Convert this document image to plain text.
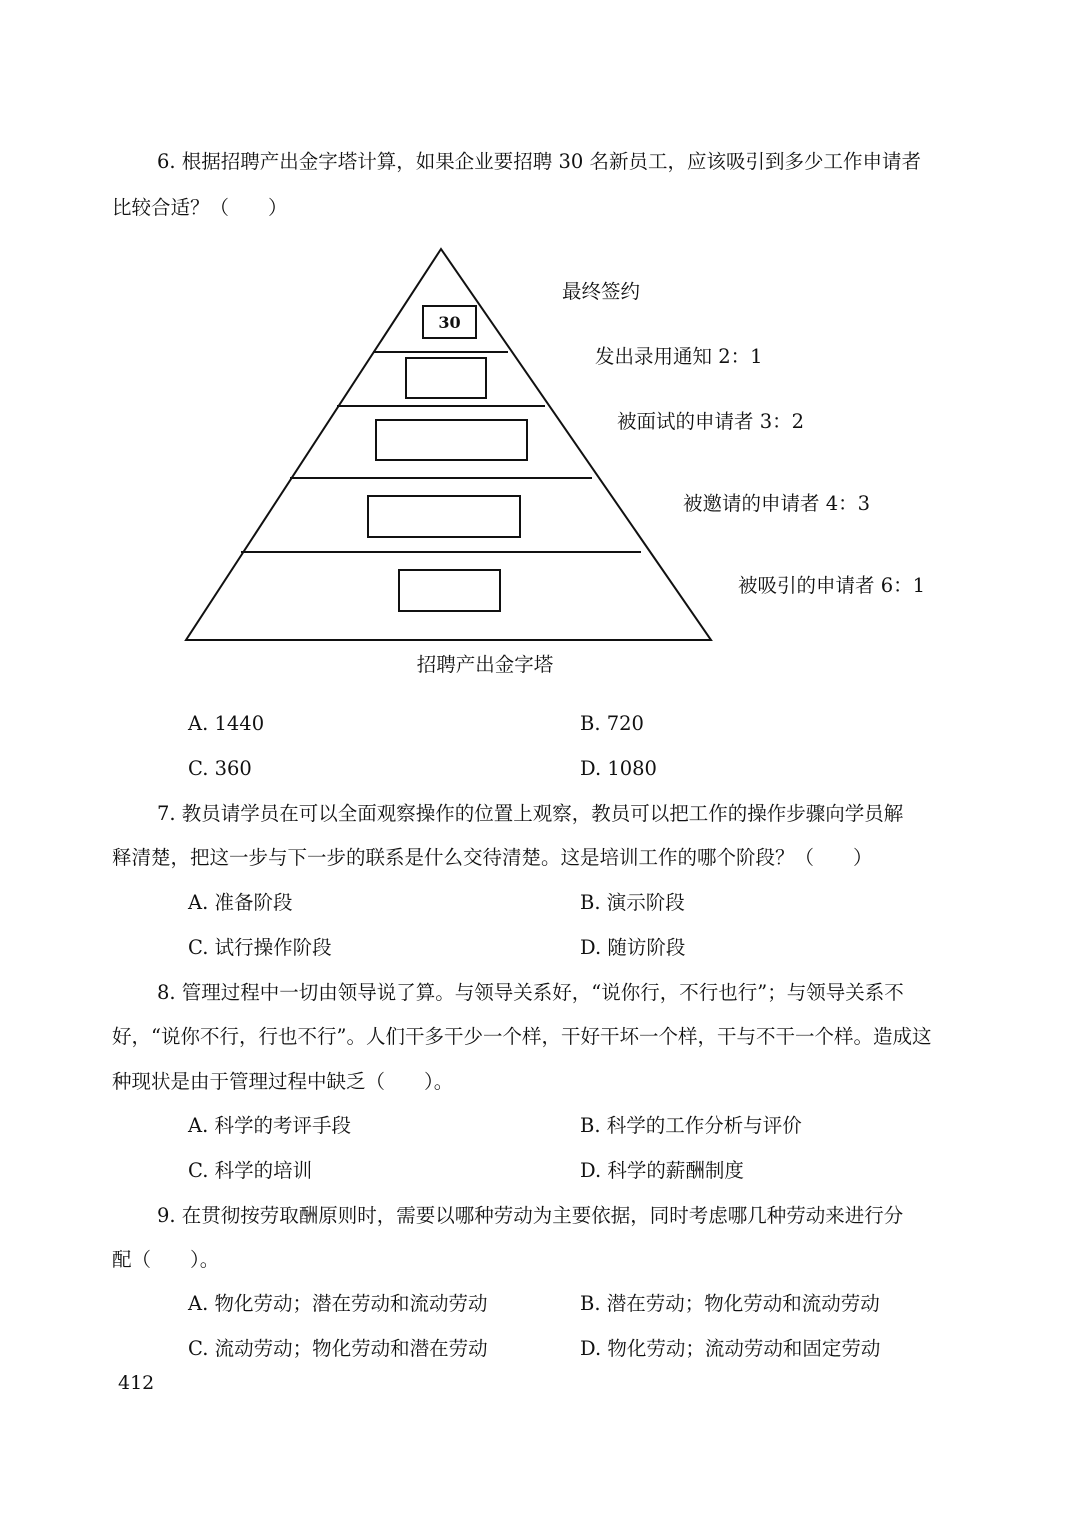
6. 根据招聘产出金字塔计算，如果企业要招聘 30 名新员工，应该吸引到多少工作申请者
比较合适？（　　）
30
最终签约
发出录用通知 2：1
被面试的申请者 3：2
被邀请的申请者 4：3
被吸引的申请者 6：1
招聘产出金字塔
A. 1440	B. 720
C. 360	D. 1080
7. 教员请学员在可以全面观察操作的位置上观察，教员可以把工作的操作步骤向学员解
释清楚，把这一步与下一步的联系是什么交待清楚。这是培训工作的哪个阶段？（　　）
A. 准备阶段	B. 演示阶段
C. 试行操作阶段	D. 随访阶段
8. 管理过程中一切由领导说了算。与领导关系好，“说你行，不行也行”；与领导关系不
好，“说你不行，行也不行”。人们干多干少一个样，干好干坏一个样，干与不干一个样。造成这
种现状是由于管理过程中缺乏（　　）。
A. 科学的考评手段	B. 科学的工作分析与评价
C. 科学的培训	D. 科学的薪酬制度
9. 在贯彻按劳取酬原则时，需要以哪种劳动为主要依据，同时考虑哪几种劳动来进行分
配（　　）。
A. 物化劳动；潜在劳动和流动劳动	B. 潜在劳动；物化劳动和流动劳动
C. 流动劳动；物化劳动和潜在劳动	D. 物化劳动；流动劳动和固定劳动
412
